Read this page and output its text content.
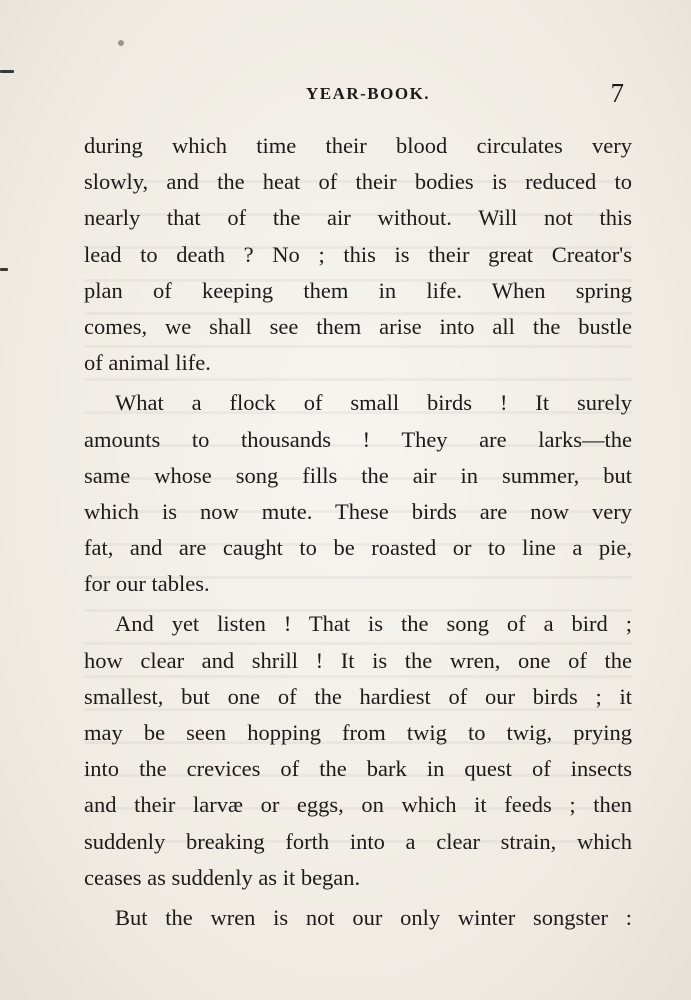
YEAR-BOOK.	7
during which time their blood circulates very
slowly, and the heat of their bodies is reduced to
nearly that of the air without. Will not this
lead to death ? No ; this is their great Creator's
plan of keeping them in life. When spring
comes, we shall see them arise into all the bustle
of animal life.
What a flock of small birds ! It surely
amounts to thousands ! They are larks—the
same whose song fills the air in summer, but
which is now mute. These birds are now very
fat, and are caught to be roasted or to line a pie,
for our tables.
And yet listen ! That is the song of a bird ;
how clear and shrill ! It is the wren, one of the
smallest, but one of the hardiest of our birds ; it
may be seen hopping from twig to twig, prying
into the crevices of the bark in quest of insects
and their larvæ or eggs, on which it feeds ; then
suddenly breaking forth into a clear strain, which
ceases as suddenly as it began.
But the wren is not our only winter songster :
